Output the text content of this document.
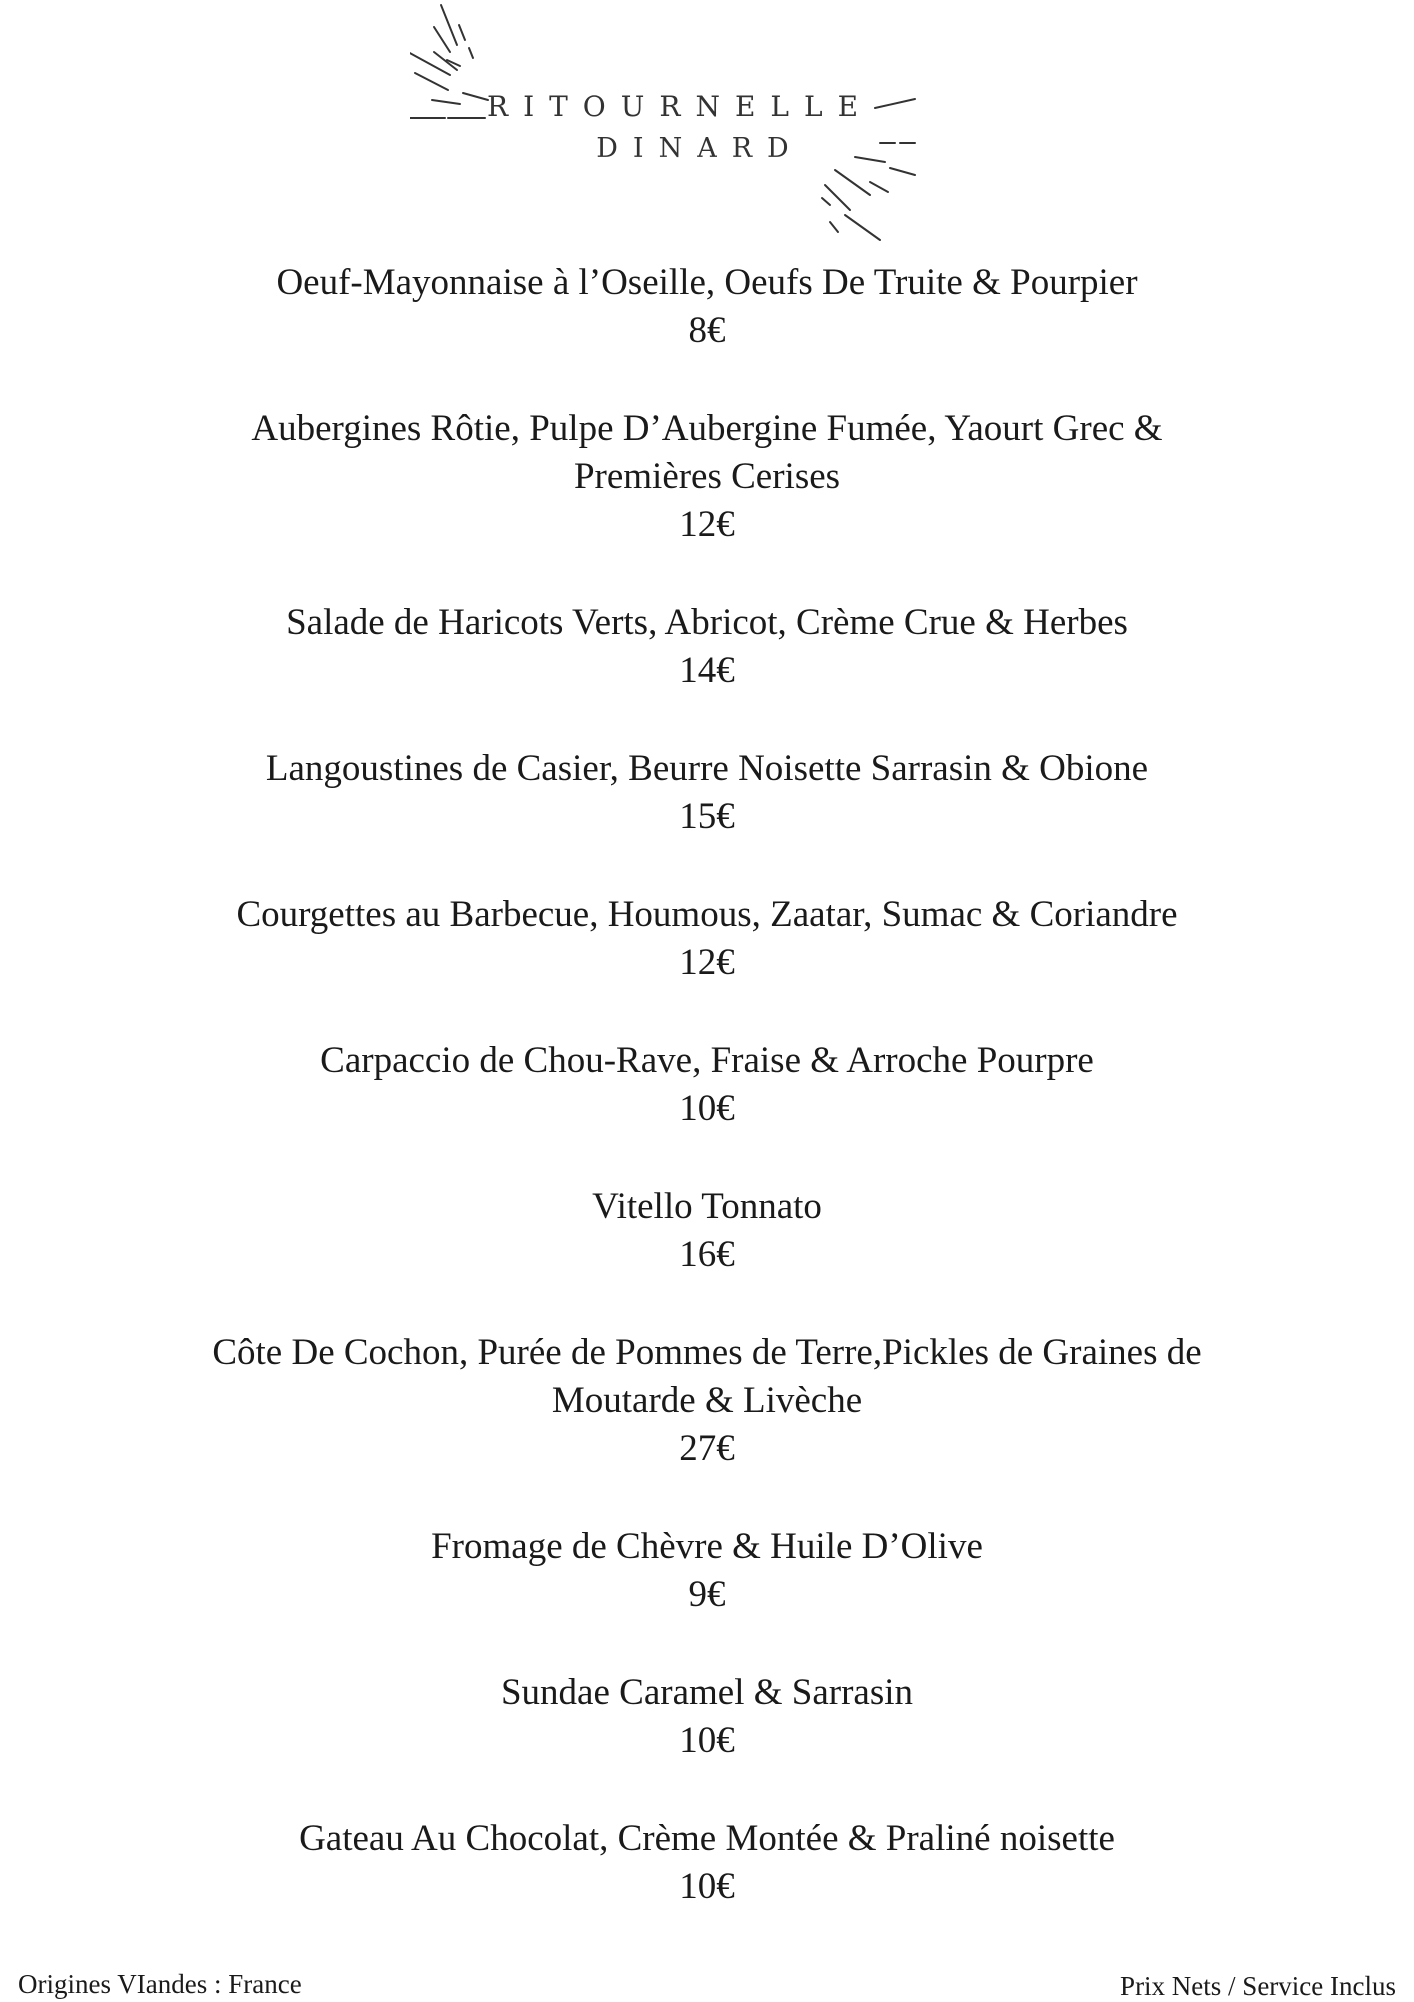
RITOURNELLE
DINARD
Oeuf-Mayonnaise à l’Oseille, Oeufs De Truite & Pourpier
8€
Aubergines Rôtie, Pulpe D’Aubergine Fumée, Yaourt Grec & Premières Cerises
12€
Salade de Haricots Verts, Abricot, Crème Crue & Herbes
14€
Langoustines de Casier, Beurre Noisette Sarrasin & Obione
15€
Courgettes au Barbecue, Houmous, Zaatar, Sumac & Coriandre
12€
Carpaccio de Chou-Rave, Fraise & Arroche Pourpre
10€
Vitello Tonnato
16€
Côte De Cochon, Purée de Pommes de Terre,Pickles de Graines de Moutarde & Livèche
27€
Fromage de Chèvre & Huile D’Olive
9€
Sundae Caramel & Sarrasin
10€
Gateau Au Chocolat, Crème Montée & Praliné noisette
10€
Origines VIandes : France	Prix Nets / Service Inclus
